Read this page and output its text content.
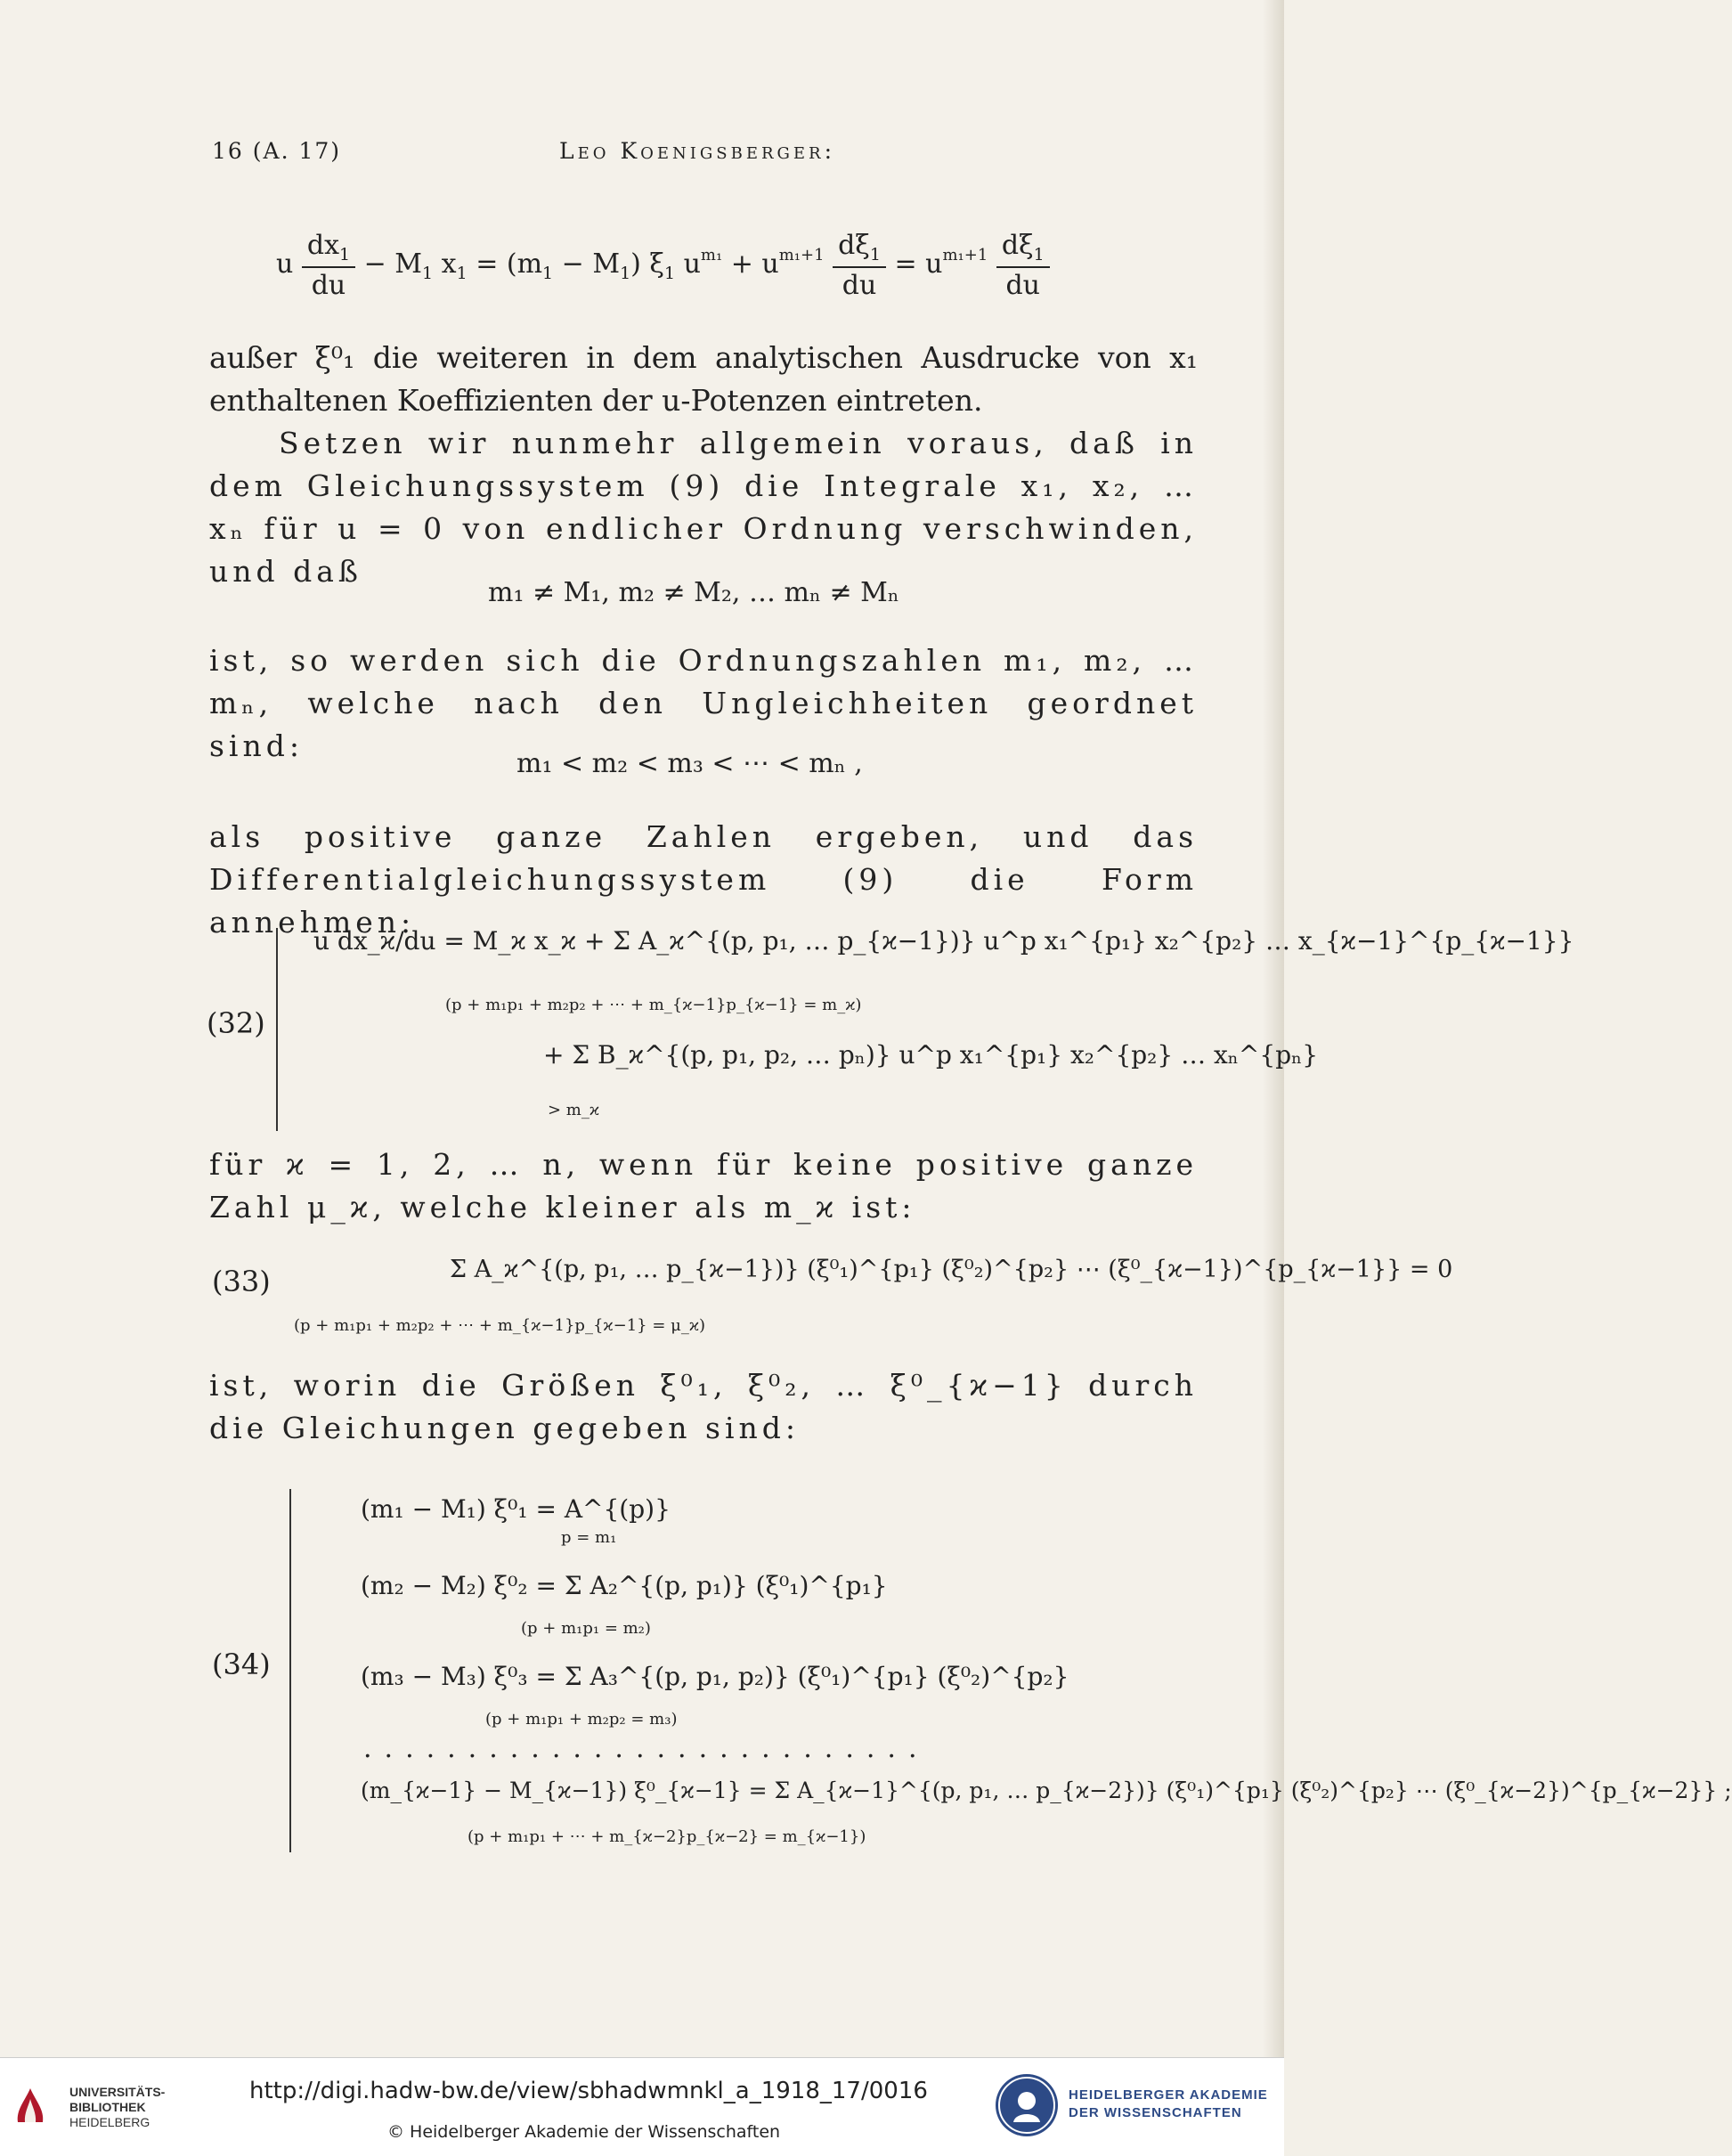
16 (A. 17)	Leo Koenigsberger:
u $\frac{dx_1}{du} - M_1$ $x_1 = (m_1 - M_1)$ $\xi_1$ $u^{m_1} + u^{m_1+1} \frac{d\xi_1}{du} = u^{m_1+1} \frac{d\xi_1}{du}$
außer ξ⁰₁ die weiteren in dem analytischen Ausdrucke von x₁ enthaltenen Koeffizienten der u-Potenzen eintreten.
Setzen wir nunmehr allgemein voraus, daß in dem Gleichungssystem (9) die Integrale x₁, x₂, … xₙ für u = 0 von endlicher Ordnung verschwinden, und daß
m₁ ≠ M₁, m₂ ≠ M₂, … mₙ ≠ Mₙ
ist, so werden sich die Ordnungszahlen m₁, m₂, … mₙ, welche nach den Ungleichheiten geordnet sind:
m₁ < m₂ < m₃ < ⋯ < mₙ ,
als positive ganze Zahlen ergeben, und das Differentialgleichungssystem (9) die Form annehmen:
(32)
u dx_ϰ/du = M_ϰ x_ϰ + Σ A_ϰ^{(p, p₁, … p_{ϰ−1})} u^p x₁^{p₁} x₂^{p₂} … x_{ϰ−1}^{p_{ϰ−1}}
(p + m₁p₁ + m₂p₂ + ⋯ + m_{ϰ−1}p_{ϰ−1} = m_ϰ)
+ Σ B_ϰ^{(p, p₁, p₂, … pₙ)} u^p x₁^{p₁} x₂^{p₂} … xₙ^{pₙ}
> m_ϰ
für ϰ = 1, 2, … n, wenn für keine positive ganze Zahl μ_ϰ, welche kleiner als m_ϰ ist:
(33)	Σ A_ϰ^{(p, p₁, … p_{ϰ−1})} (ξ⁰₁)^{p₁} (ξ⁰₂)^{p₂} ⋯ (ξ⁰_{ϰ−1})^{p_{ϰ−1}} = 0
(p + m₁p₁ + m₂p₂ + ⋯ + m_{ϰ−1}p_{ϰ−1} = μ_ϰ)
ist, worin die Größen ξ⁰₁, ξ⁰₂, … ξ⁰_{ϰ−1} durch die Gleichungen gegeben sind:
(34)
(m₁ − M₁) ξ⁰₁ = A^{(p)}
p = m₁
(m₂ − M₂) ξ⁰₂ = Σ A₂^{(p, p₁)} (ξ⁰₁)^{p₁}
(p + m₁p₁ = m₂)
(m₃ − M₃) ξ⁰₃ = Σ A₃^{(p, p₁, p₂)} (ξ⁰₁)^{p₁} (ξ⁰₂)^{p₂}
(p + m₁p₁ + m₂p₂ = m₃)
...........................
(m_{ϰ−1} − M_{ϰ−1}) ξ⁰_{ϰ−1} = Σ A_{ϰ−1}^{(p, p₁, … p_{ϰ−2})} (ξ⁰₁)^{p₁} (ξ⁰₂)^{p₂} ⋯ (ξ⁰_{ϰ−2})^{p_{ϰ−2}} ;
(p + m₁p₁ + ⋯ + m_{ϰ−2}p_{ϰ−2} = m_{ϰ−1})
UNIVERSITÄTS-
BIBLIOTHEK
HEIDELBERG
http://digi.hadw-bw.de/view/sbhadwmnkl_a_1918_17/0016
© Heidelberger Akademie der Wissenschaften
HEIDELBERGER AKADEMIE
DER WISSENSCHAFTEN
